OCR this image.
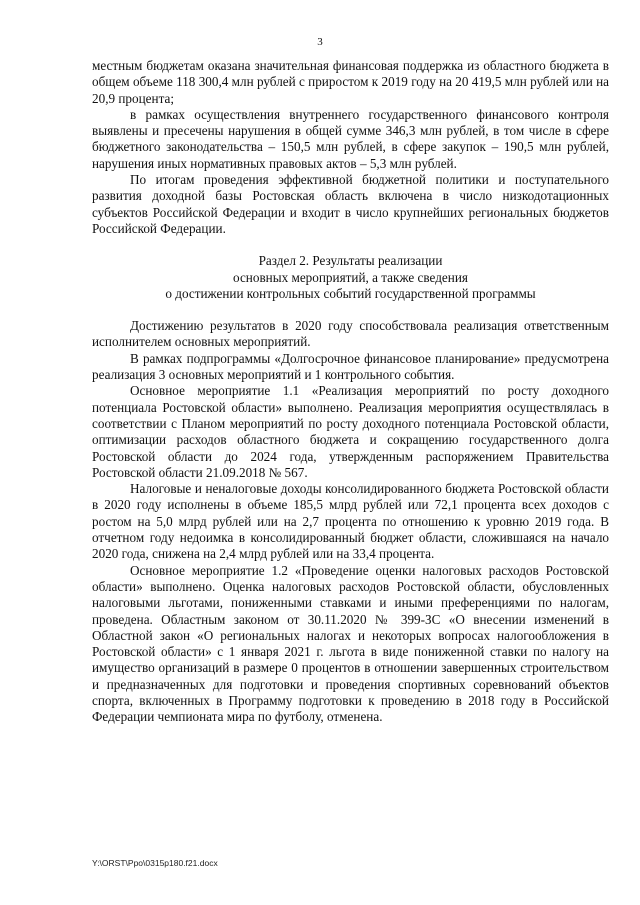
3

местным бюджетам оказана значительная финансовая поддержка из областного бюджета в общем объеме 118 300,4 млн рублей с приростом к 2019 году на 20 419,5 млн рублей или на 20,9 процента;

в рамках осуществления внутреннего государственного финансового контроля выявлены и пресечены нарушения в общей сумме 346,3 млн рублей, в том числе в сфере бюджетного законодательства – 150,5 млн рублей, в сфере закупок – 190,5 млн рублей, нарушения иных нормативных правовых актов – 5,3 млн рублей.

По итогам проведения эффективной бюджетной политики и поступательного развития доходной базы Ростовская область включена в число низкодотационных субъектов Российской Федерации и входит в число крупнейших региональных бюджетов Российской Федерации.

Раздел 2. Результаты реализации
основных мероприятий, а также сведения
о достижении контрольных событий государственной программы

Достижению результатов в 2020 году способствовала реализация ответственным исполнителем основных мероприятий.

В рамках подпрограммы «Долгосрочное финансовое планирование» предусмотрена реализация 3 основных мероприятий и 1 контрольного события.

Основное мероприятие 1.1 «Реализация мероприятий по росту доходного потенциала Ростовской области» выполнено. Реализация мероприятия осуществлялась в соответствии с Планом мероприятий по росту доходного потенциала Ростовской области, оптимизации расходов областного бюджета и сокращению государственного долга Ростовской области до 2024 года, утвержденным распоряжением Правительства Ростовской области 21.09.2018 № 567.

Налоговые и неналоговые доходы консолидированного бюджета Ростовской области в 2020 году исполнены в объеме 185,5 млрд рублей или 72,1 процента всех доходов с ростом на 5,0 млрд рублей или на 2,7 процента по отношению к уровню 2019 года. В отчетном году недоимка в консолидированный бюджет области, сложившаяся на начало 2020 года, снижена на 2,4 млрд рублей или на 33,4 процента.

Основное мероприятие 1.2 «Проведение оценки налоговых расходов Ростовской области» выполнено. Оценка налоговых расходов Ростовской области, обусловленных налоговыми льготами, пониженными ставками и иными преференциями по налогам, проведена. Областным законом от 30.11.2020 № 399-ЗС «О внесении изменений в Областной закон «О региональных налогах и некоторых вопросах налогообложения в Ростовской области» с 1 января 2021 г. льгота в виде пониженной ставки по налогу на имущество организаций в размере 0 процентов в отношении завершенных строительством и предназначенных для подготовки и проведения спортивных соревнований объектов спорта, включенных в Программу подготовки к проведению в 2018 году в Российской Федерации чемпионата мира по футболу, отменена.

Y:\ORST\Ppo\0315p180.f21.docx
